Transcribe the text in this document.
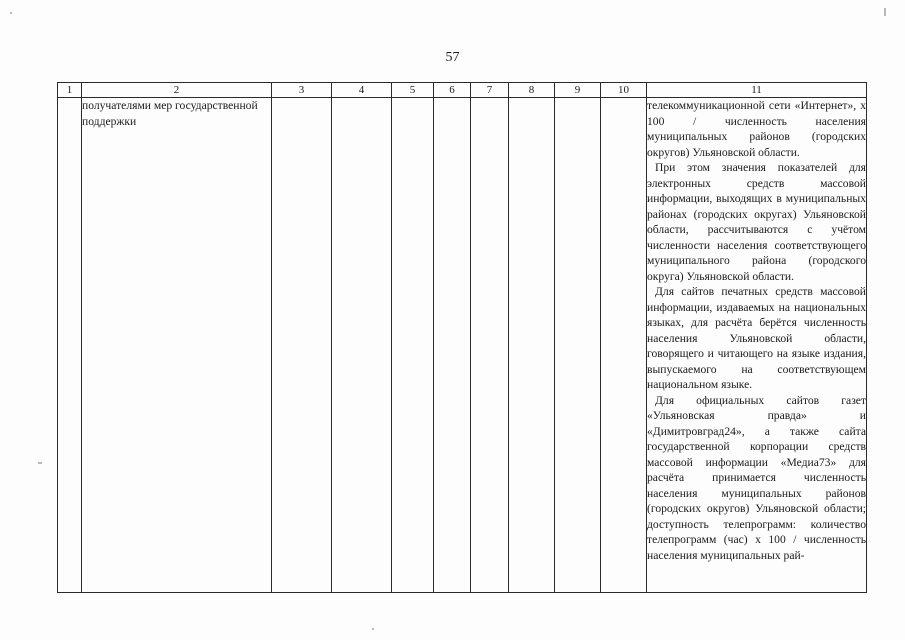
57
1	2	3	4	5	6	7	8	9	10	11
	получателями мер государственной поддержки									телекоммуникационной сети «Интернет», x 100 / численность населения муниципальных районов (городских округов) Ульяновской области.

При этом значения показателей для электронных средств массовой информации, выходящих в муниципальных районах (городских округах) Ульяновской области, рассчитываются с учётом численности населения соответствующего муниципального района (городского округа) Ульяновской области.

Для сайтов печатных средств массовой информации, издаваемых на национальных языках, для расчёта берётся численность населения Ульяновской области, говорящего и читающего на языке издания, выпускаемого на соответствующем национальном языке.

Для официальных сайтов газет «Ульяновская правда» и «Димитровград24», а также сайта государственной корпорации средств массовой информации «Медиа73» для расчёта принимается численность населения муниципальных районов (городских округов) Ульяновской области; доступность телепрограмм: количество телепрограмм (час) x 100 / численность населения муниципальных рай-
